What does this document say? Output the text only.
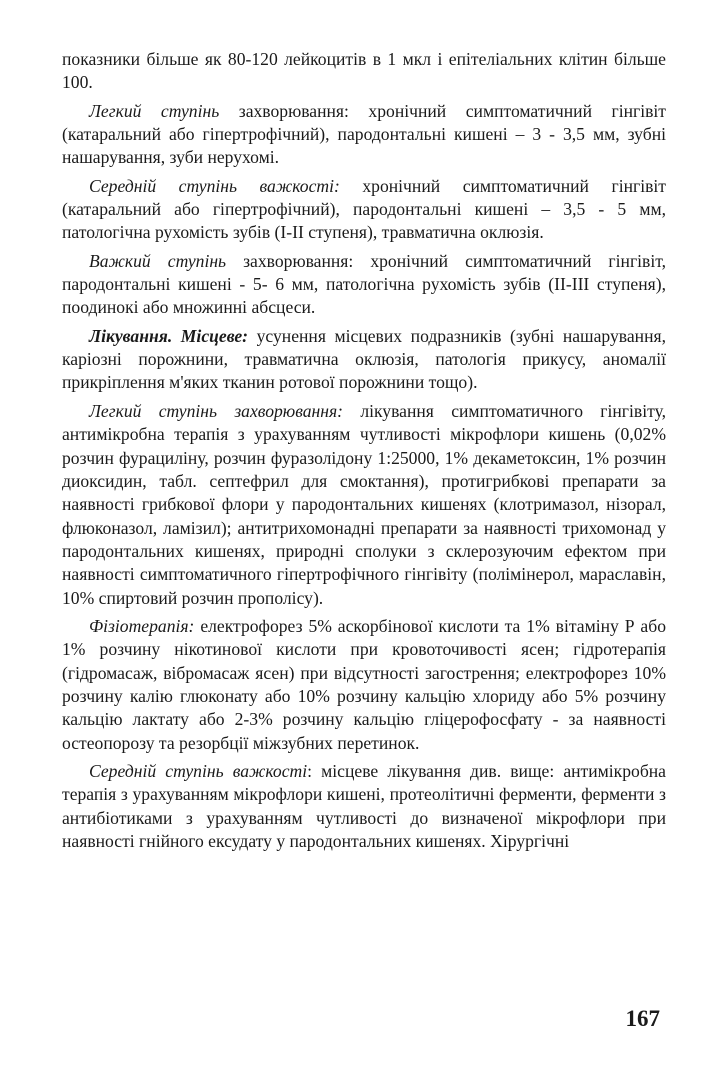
показники більше як 80-120 лейкоцитів в 1 мкл і епітеліальних клітин більше 100.

Легкий ступінь захворювання: хронічний симптоматичний гінгівіт (катаральний або гіпертрофічний), пародонтальні кишені – 3 - 3,5 мм, зубні нашарування, зуби нерухомі.

Середній ступінь важкості: хронічний симптоматичний гінгівіт (катаральний або гіпертрофічний), пародонтальні кишені – 3,5 - 5 мм, патологічна рухомість зубів (I-II ступеня), травматична оклюзія.

Важкий ступінь захворювання: хронічний симптоматичний гінгівіт, пародонтальні кишені - 5- 6 мм, патологічна рухомість зубів (II-III ступеня), поодинокі або множинні абсцеси.

Лікування. Місцеве: усунення місцевих подразників (зубні нашарування, каріозні порожнини, травматична оклюзія, патологія прикусу, аномалії прикріплення м'яких тканин ротової порожнини тощо).

Легкий ступінь захворювання: лікування симптоматичного гінгівіту, антимікробна терапія з урахуванням чутливості мікрофлори кишень (0,02% розчин фурациліну, розчин фуразолідону 1:25000, 1% декаметоксин, 1% розчин диоксидин, табл. септефрил для смоктання), протигрибкові препарати за наявності грибкової флори у пародонтальних кишенях (клотримазол, нізорал, флюконазол, ламізил); антитрихомонадні препарати за наявності трихомонад у пародонтальних кишенях, природні сполуки з склерозуючим ефектом при наявності симптоматичного гіпертрофічного гінгівіту (полімінерол, мараславін, 10% спиртовий розчин прополісу).

Фізіотерапія: електрофорез 5% аскорбінової кислоти та 1% вітаміну Р або 1% розчину нікотинової кислоти при кровоточивості ясен; гідротерапія (гідромасаж, вібромасаж ясен) при відсутності загострення; електрофорез 10% розчину калію глюконату або 10% розчину кальцію хлориду або 5% розчину кальцію лактату або 2-3% розчину кальцію гліцерофосфату - за наявності остеопорозу та резорбції міжзубних перетинок.

Середній ступінь важкості: місцеве лікування див. вище: антимікробна терапія з урахуванням мікрофлори кишені, протеолітичні ферменти, ферменти з антибіотиками з урахуванням чутливості до визначеної мікрофлори при наявності гнійного ексудату у пародонтальних кишенях. Хірургічні

167
